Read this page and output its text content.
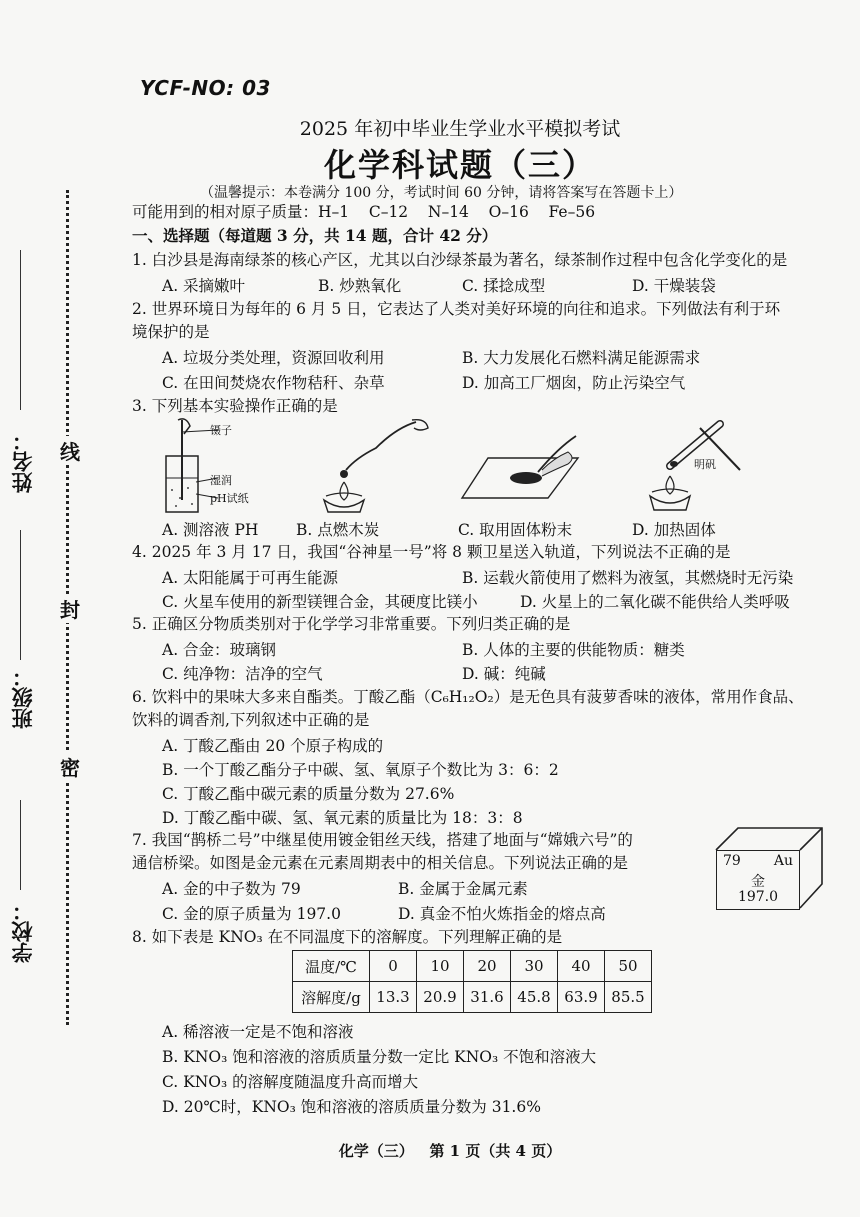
线
封
密
姓名：
班级：
学校：
YCF-NO: 03
2025 年初中毕业生学业水平模拟考试
化学科试题（三）
（温馨提示：本卷满分 100 分，考试时间 60 分钟，请将答案写在答题卡上）
可能用到的相对原子质量：H–1    C–12    N–14    O–16    Fe–56
一、选择题（每道题 3 分，共 14 题，合计 42 分）
1. 白沙县是海南绿茶的核心产区，尤其以白沙绿茶最为著名，绿茶制作过程中包含化学变化的是
A. 采摘嫩叶	B. 炒熟氧化	C. 揉捻成型	D. 干燥装袋
2. 世界环境日为每年的 6 月 5 日，它表达了人类对美好环境的向往和追求。下列做法有利于环
境保护的是
A. 垃圾分类处理，资源回收利用	B. 大力发展化石燃料满足能源需求
C. 在田间焚烧农作物秸秆、杂草	D. 加高工厂烟囱，防止污染空气
3. 下列基本实验操作正确的是
镊子
湿润
pH试纸
明矾
A. 测溶液 PH B. 点燃木炭	C. 取用固体粉末	D. 加热固体
4. 2025 年 3 月 17 日，我国“谷神星一号”将 8 颗卫星送入轨道，下列说法不正确的是
A. 太阳能属于可再生能源	B. 运载火箭使用了燃料为液氢，其燃烧时无污染
C. 火星车使用的新型镁锂合金，其硬度比镁小	D. 火星上的二氧化碳不能供给人类呼吸
5. 正确区分物质类别对于化学学习非常重要。下列归类正确的是
A. 合金：玻璃钢	B. 人体的主要的供能物质：糖类
C. 纯净物：洁净的空气	D. 碱：纯碱
6. 饮料中的果味大多来自酯类。丁酸乙酯（C₆H₁₂O₂）是无色具有菠萝香味的液体，常用作食品、
饮料的调香剂,下列叙述中正确的是
A. 丁酸乙酯由 20 个原子构成的
B. 一个丁酸乙酯分子中碳、氢、氧原子个数比为 3：6：2
C. 丁酸乙酯中碳元素的质量分数为 27.6%
D. 丁酸乙酯中碳、氢、氧元素的质量比为 18：3：8
7. 我国“鹊桥二号”中继星使用镀金钼丝天线，搭建了地面与“嫦娥六号”的
通信桥梁。如图是金元素在元素周期表中的相关信息。下列说法正确的是
A. 金的中子数为 79	B. 金属于金属元素
C. 金的原子质量为 197.0	D. 真金不怕火炼指金的熔点高
79 Au
金
197.0
8. 如下表是 KNO₃ 在不同温度下的溶解度。下列理解正确的是
温度/℃	0	10	20	30	40	50
溶解度/g	13.3	20.9	31.6	45.8	63.9	85.5
A. 稀溶液一定是不饱和溶液
B. KNO₃ 饱和溶液的溶质质量分数一定比 KNO₃ 不饱和溶液大
C. KNO₃ 的溶解度随温度升高而增大
D. 20℃时，KNO₃ 饱和溶液的溶质质量分数为 31.6%
化学（三）   第 1 页（共 4 页）
